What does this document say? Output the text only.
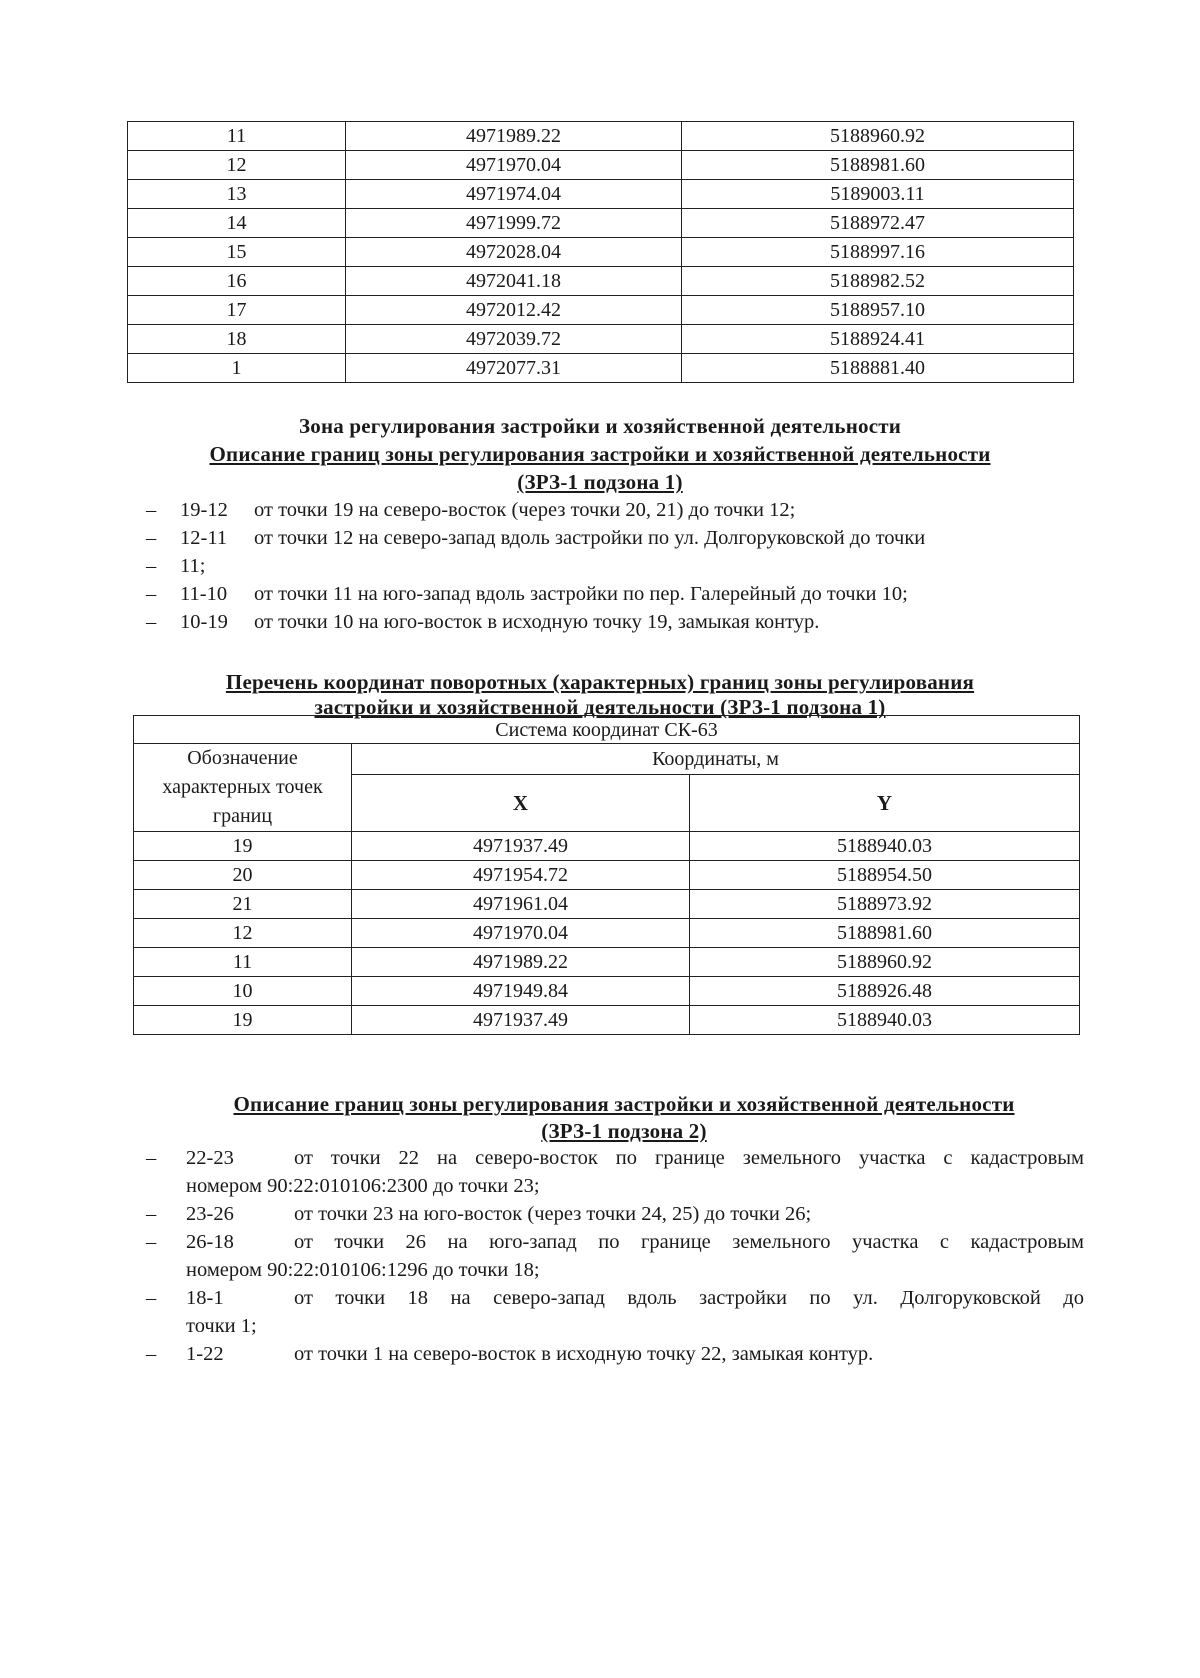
11	4971989.22	5188960.92
12	4971970.04	5188981.60
13	4971974.04	5189003.11
14	4971999.72	5188972.47
15	4972028.04	5188997.16
16	4972041.18	5188982.52
17	4972012.42	5188957.10
18	4972039.72	5188924.41
1	4972077.31	5188881.40
Зона регулирования застройки и хозяйственной деятельности
Описание границ зоны регулирования застройки и хозяйственной деятельности
(ЗРЗ-1 подзона 1)
– 19-12 от точки 19 на северо-восток (через точки 20, 21) до точки 12;
– 12-11 от точки 12 на северо-запад вдоль застройки по ул. Долгоруковской до точки
– 11;
– 11-10 от точки 11 на юго-запад вдоль застройки по пер. Галерейный до точки 10;
– 10-19 от точки 10 на юго-восток в исходную точку 19, замыкая контур.
Перечень координат поворотных (характерных) границ зоны регулирования
застройки и хозяйственной деятельности (ЗРЗ-1 подзона 1)
Система координат СК-63		
Обозначение характерных точек границ	Координаты, м	
	X	Y
19	4971937.49	5188940.03
20	4971954.72	5188954.50
21	4971961.04	5188973.92
12	4971970.04	5188981.60
11	4971989.22	5188960.92
10	4971949.84	5188926.48
19	4971937.49	5188940.03
Описание границ зоны регулирования застройки и хозяйственной деятельности
(ЗРЗ-1 подзона 2)
– 22-23	от точки 22 на северо-восток по границе земельного участка с кадастровым
номером 90:22:010106:2300 до точки 23;
– 23-26	от точки 23 на юго-восток (через точки 24, 25) до точки 26;
– 26-18	от точки 26 на юго-запад по границе земельного участка с кадастровым
номером 90:22:010106:1296 до точки 18;
– 18-1	от точки 18 на северо-запад вдоль застройки по ул. Долгоруковской до
точки 1;
– 1-22	от точки 1 на северо-восток в исходную точку 22, замыкая контур.
